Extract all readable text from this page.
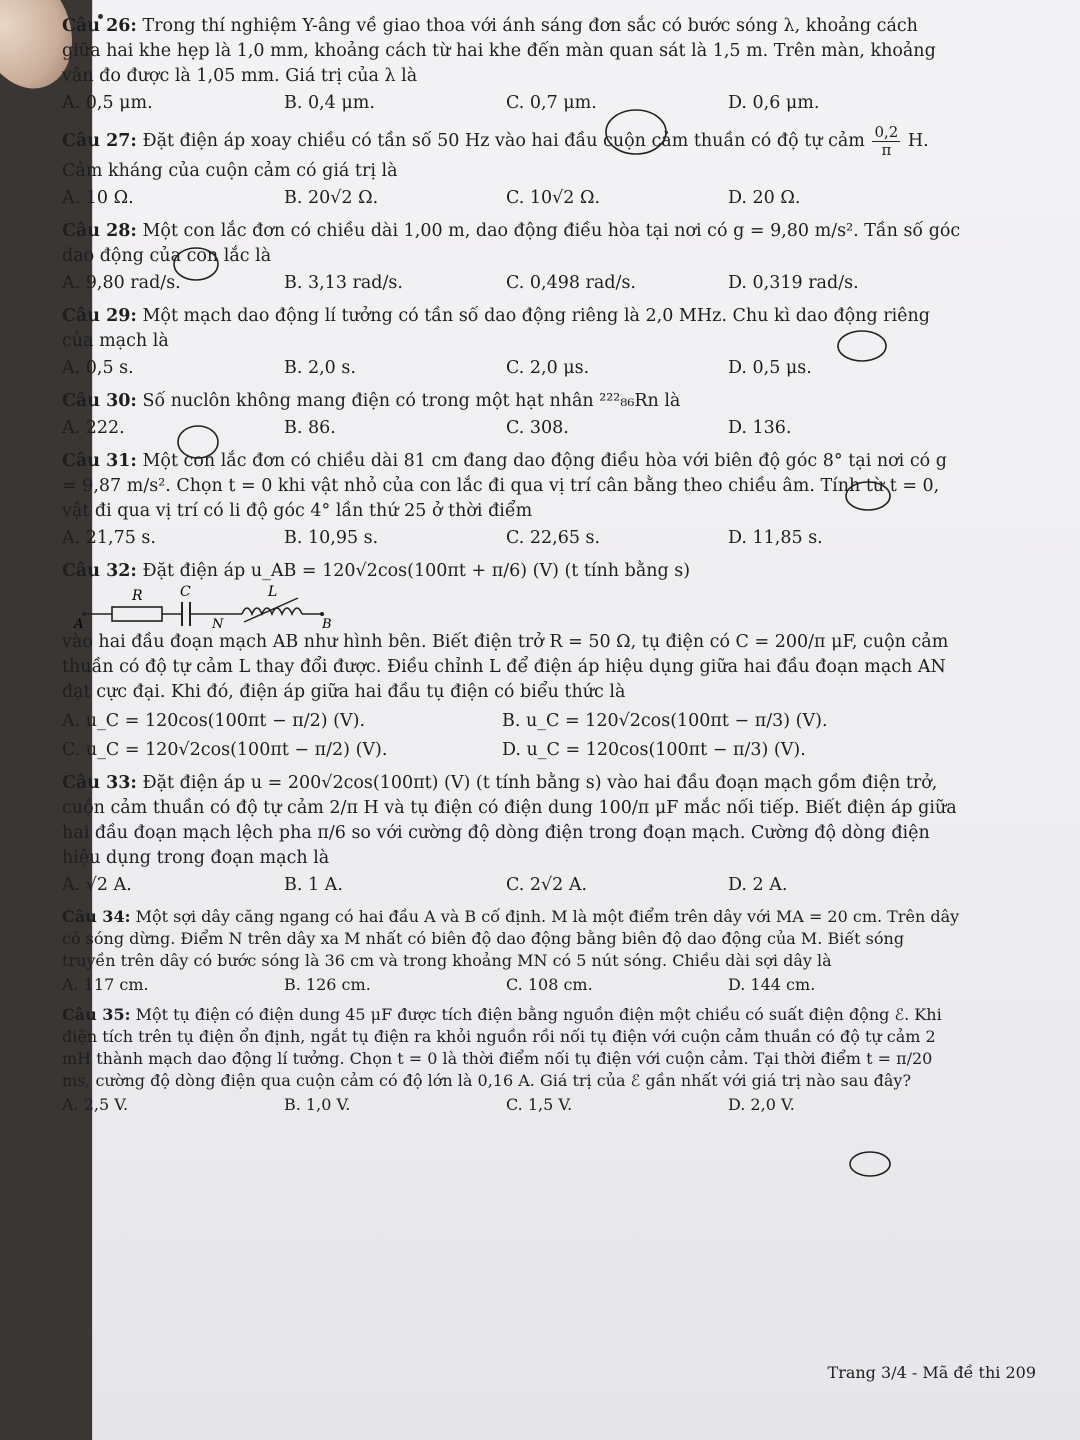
Câu 26: Trong thí nghiệm Y-âng về giao thoa với ánh sáng đơn sắc có bước sóng λ, khoảng cách giữa hai khe hẹp là 1,0 mm, khoảng cách từ hai khe đến màn quan sát là 1,5 m. Trên màn, khoảng vân đo được là 1,05 mm. Giá trị của λ là

A. 0,5 μm.	B. 0,4 μm.	C. 0,7 μm.	D. 0,6 μm.

Câu 27: Đặt điện áp xoay chiều có tần số 50 Hz vào hai đầu cuộn cảm thuần có độ tự cảm $\frac{0,2}{\pi} H$. Cảm kháng của cuộn cảm có giá trị là

A. 10 Ω.	B. 20√2 Ω.	C. 10√2 Ω.	D. 20 Ω.

Câu 28: Một con lắc đơn có chiều dài 1,00 m, dao động điều hòa tại nơi có g = 9,80 m/s². Tần số góc dao động của con lắc là

A. 9,80 rad/s.	B. 3,13 rad/s.	C. 0,498 rad/s.	D. 0,319 rad/s.

Câu 29: Một mạch dao động lí tưởng có tần số dao động riêng là 2,0 MHz. Chu kì dao động riêng của mạch là

A. 0,5 s.	B. 2,0 s.	C. 2,0 μs.	D. 0,5 μs.

Câu 30: Số nuclôn không mang điện có trong một hạt nhân ²²²₈₆Rn là

A. 222.	B. 86.	C. 308.	D. 136.

Câu 31: Một con lắc đơn có chiều dài 81 cm đang dao động điều hòa với biên độ góc 8° tại nơi có g = 9,87 m/s². Chọn t = 0 khi vật nhỏ của con lắc đi qua vị trí cân bằng theo chiều âm. Tính từ t = 0, vật đi qua vị trí có li độ góc 4° lần thứ 25 ở thời điểm

A. 21,75 s.	B. 10,95 s.	C. 22,65 s.	D. 11,85 s.

Câu 32: Đặt điện áp u_AB = 120√2cos(100πt + π/6) (V) (t tính bằng s)
A
R	C
N
L
B

vào hai đầu đoạn mạch AB như hình bên. Biết điện trở R = 50 Ω, tụ điện có C = 200/π μF, cuộn cảm thuần có độ tự cảm L thay đổi được. Điều chỉnh L để điện áp hiệu dụng giữa hai đầu đoạn mạch AN đạt cực đại. Khi đó, điện áp giữa hai đầu tụ điện có biểu thức là

A. u_C = 120cos(100πt − π/2) (V).	B. u_C = 120√2cos(100πt − π/3) (V).
C. u_C = 120√2cos(100πt − π/2) (V).	D. u_C = 120cos(100πt − π/3) (V).

Câu 33: Đặt điện áp u = 200√2cos(100πt) (V) (t tính bằng s) vào hai đầu đoạn mạch gồm điện trở, cuộn cảm thuần có độ tự cảm 2/π H và tụ điện có điện dung 100/π μF mắc nối tiếp. Biết điện áp giữa hai đầu đoạn mạch lệch pha π/6 so với cường độ dòng điện trong đoạn mạch. Cường độ dòng điện hiệu dụng trong đoạn mạch là

A. √2 A.	B. 1 A.	C. 2√2 A.	D. 2 A.

Câu 34: Một sợi dây căng ngang có hai đầu A và B cố định. M là một điểm trên dây với MA = 20 cm. Trên dây có sóng dừng. Điểm N trên dây xa M nhất có biên độ dao động bằng biên độ dao động của M. Biết sóng truyền trên dây có bước sóng là 36 cm và trong khoảng MN có 5 nút sóng. Chiều dài sợi dây là

A. 117 cm.	B. 126 cm.	C. 108 cm.	D. 144 cm.

Câu 35: Một tụ điện có điện dung 45 μF được tích điện bằng nguồn điện một chiều có suất điện động ℰ. Khi điện tích trên tụ điện ổn định, ngắt tụ điện ra khỏi nguồn rồi nối tụ điện với cuộn cảm thuần có độ tự cảm 2 mH thành mạch dao động lí tưởng. Chọn t = 0 là thời điểm nối tụ điện với cuộn cảm. Tại thời điểm t = π/20 ms, cường độ dòng điện qua cuộn cảm có độ lớn là 0,16 A. Giá trị của ℰ gần nhất với giá trị nào sau đây?

A. 2,5 V.	B. 1,0 V.	C. 1,5 V.	D. 2,0 V.
Trang 3/4 - Mã đề thi 209
